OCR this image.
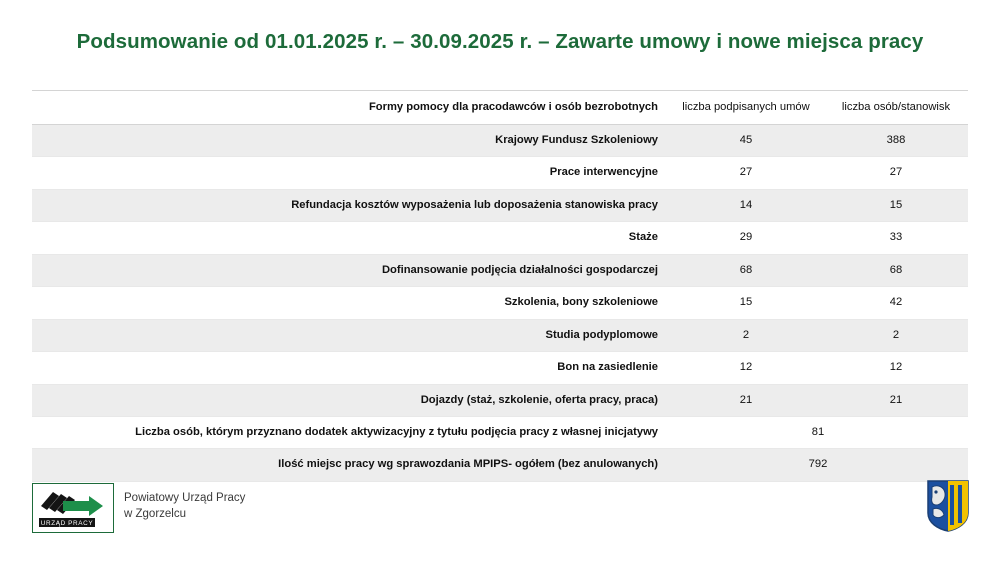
Podsumowanie od 01.01.2025 r. – 30.09.2025 r. – Zawarte umowy i nowe miejsca pracy
Formy pomocy dla pracodawców i osób bezrobotnych	liczba podpisanych umów	liczba osób/stanowisk
Krajowy Fundusz Szkoleniowy	45	388
Prace interwencyjne	27	27
Refundacja kosztów wyposażenia lub doposażenia stanowiska pracy	14	15
Staże	29	33
Dofinansowanie podjęcia działalności gospodarczej	68	68
Szkolenia, bony szkoleniowe	15	42
Studia podyplomowe	2	2
Bon na zasiedlenie	12	12
Dojazdy (staż, szkolenie, oferta pracy, praca)	21	21
Liczba osób, którym przyznano dodatek aktywizacyjny z tytułu podjęcia pracy z własnej inicjatywy	81	
Ilość miejsc pracy wg sprawozdania MPIPS- ogółem (bez anulowanych)	792	
URZĄD PRACY
Powiatowy Urząd Pracy
w Zgorzelcu
